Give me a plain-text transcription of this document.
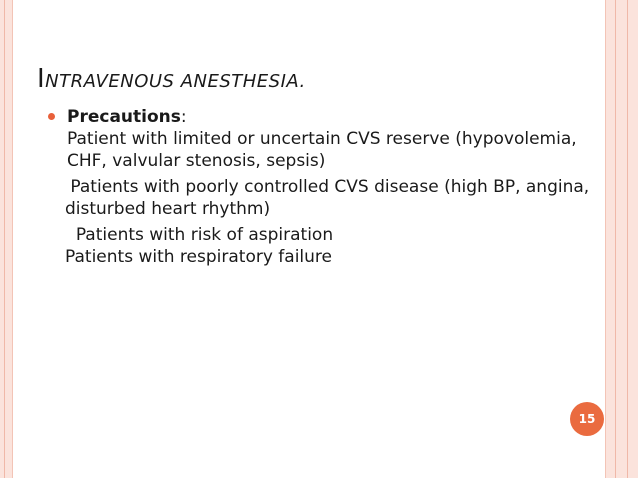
INTRAVENOUS ANESTHESIA.
Precautions:
Patient with limited or uncertain CVS reserve (hypovolemia, CHF, valvular stenosis, sepsis)
Patients with poorly controlled CVS disease (high BP, angina, disturbed heart rhythm)
Patients with risk of aspiration
Patients with respiratory failure
15
